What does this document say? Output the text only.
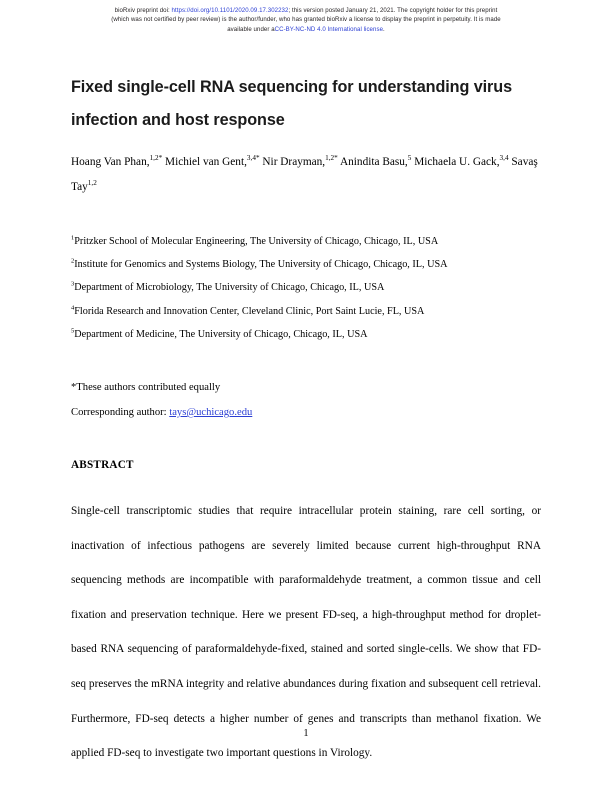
bioRxiv preprint doi: https://doi.org/10.1101/2020.09.17.302232; this version posted January 21, 2021. The copyright holder for this preprint
(which was not certified by peer review) is the author/funder, who has granted bioRxiv a license to display the preprint in perpetuity. It is made
available under aCC-BY-NC-ND 4.0 International license.
Fixed single-cell RNA sequencing for understanding virus infection and host response
Hoang Van Phan,$^{1,2*}$ Michiel van Gent,$^{3,4*}$ Nir Drayman,$^{1,2*}$ Anindita Basu,$^5$ Michaela U. Gack,$^{3,4}$ Savaş Tay$^{1,2}$
$^1$Pritzker School of Molecular Engineering, The University of Chicago, Chicago, IL, USA
$^2$Institute for Genomics and Systems Biology, The University of Chicago, Chicago, IL, USA
$^3$Department of Microbiology, The University of Chicago, Chicago, IL, USA
$^4$Florida Research and Innovation Center, Cleveland Clinic, Port Saint Lucie, FL, USA
$^5$Department of Medicine, The University of Chicago, Chicago, IL, USA
*These authors contributed equally
Corresponding author: tays@uchicago.edu
ABSTRACT

Single-cell transcriptomic studies that require intracellular protein staining, rare cell sorting, or inactivation of infectious pathogens are severely limited because current high-throughput RNA sequencing methods are incompatible with paraformaldehyde treatment, a common tissue and cell fixation and preservation technique. Here we present FD-seq, a high-throughput method for droplet-based RNA sequencing of paraformaldehyde-fixed, stained and sorted single-cells. We show that FD-seq preserves the mRNA integrity and relative abundances during fixation and subsequent cell retrieval. Furthermore, FD-seq detects a higher number of genes and transcripts than methanol fixation. We applied FD-seq to investigate two important questions in Virology.

1
